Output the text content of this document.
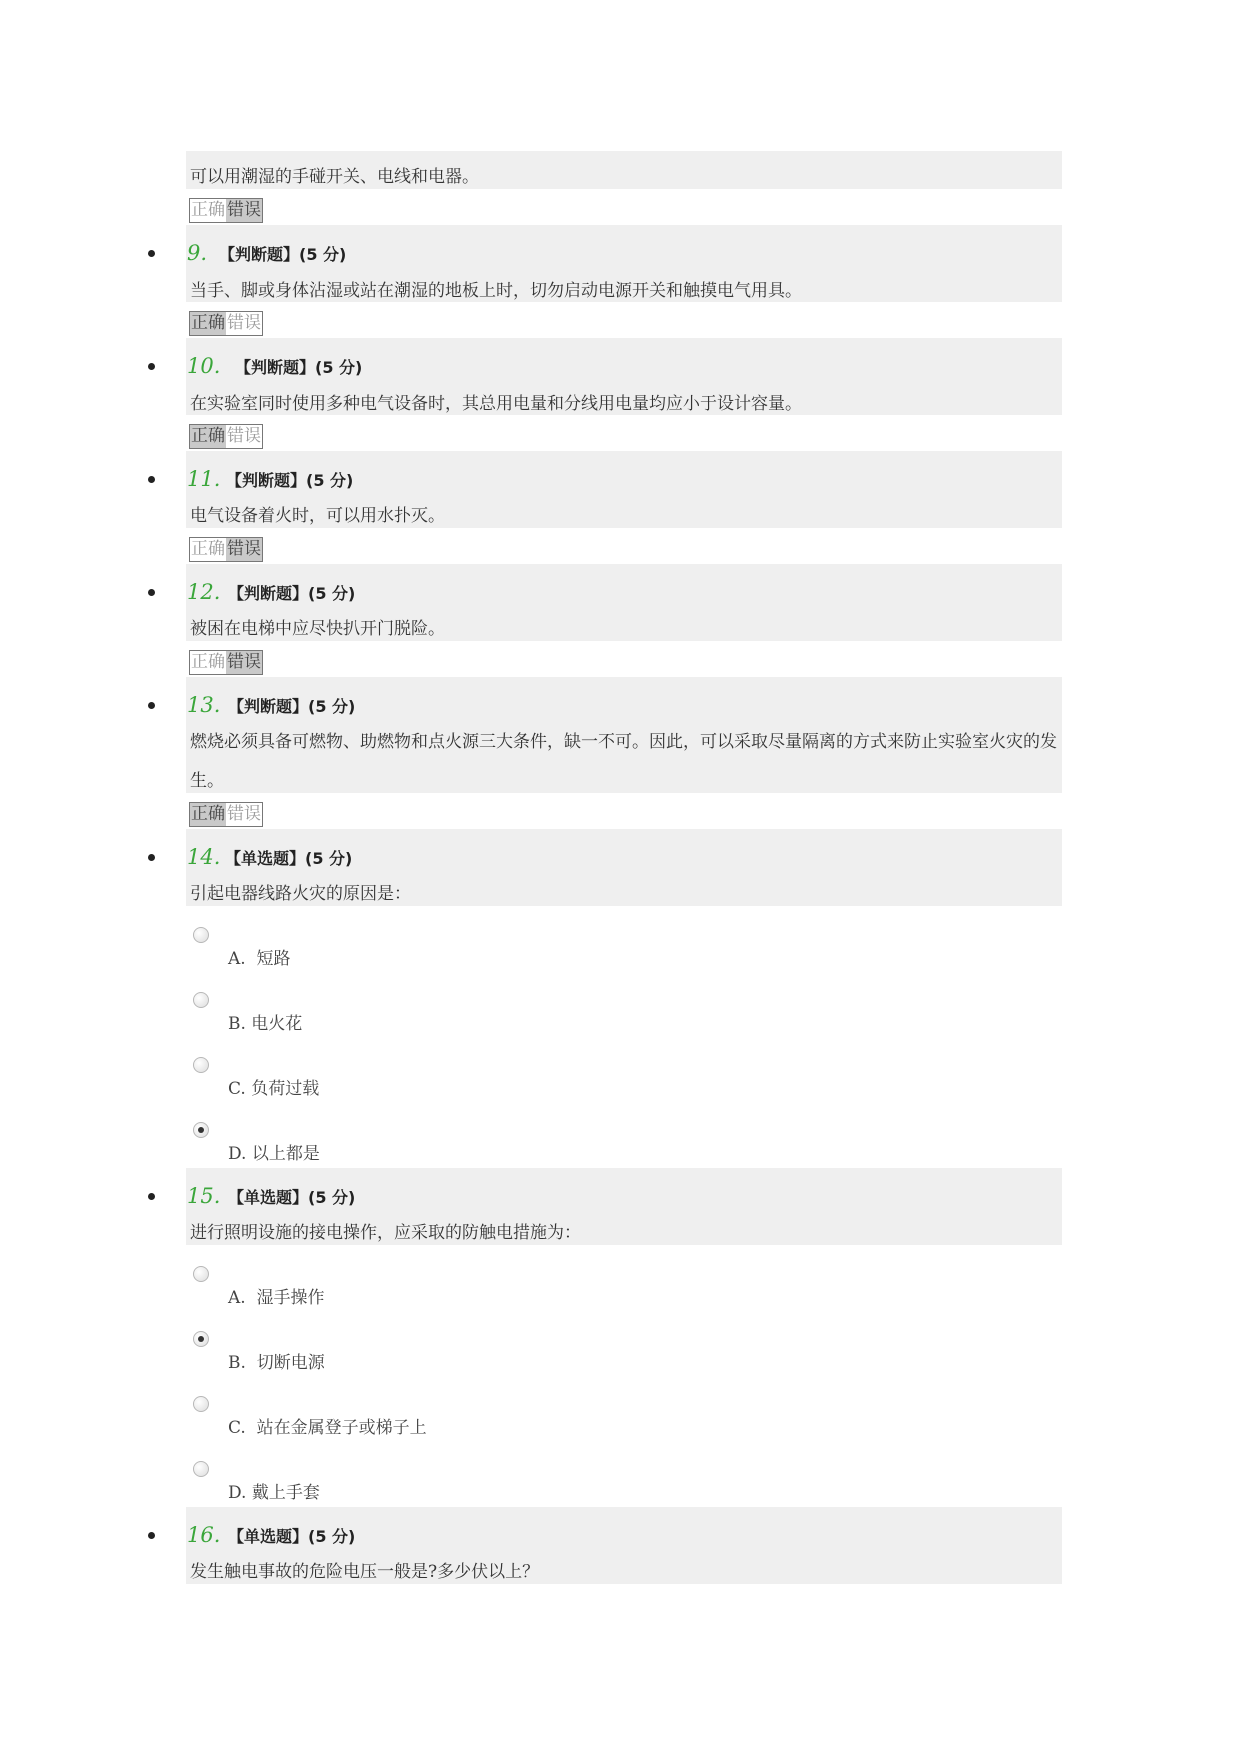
可以用潮湿的手碰开关、电线和电器。
正确 错误
9. 【判断题】(5 分)
当手、脚或身体沾湿或站在潮湿的地板上时，切勿启动电源开关和触摸电气用具。
正确 错误
10. 【判断题】(5 分)
在实验室同时使用多种电气设备时，其总用电量和分线用电量均应小于设计容量。
正确 错误
11. 【判断题】(5 分)
电气设备着火时，可以用水扑灭。
正确 错误
12. 【判断题】(5 分)
被困在电梯中应尽快扒开门脱险。
正确 错误
13. 【判断题】(5 分)
燃烧必须具备可燃物、助燃物和点火源三大条件，缺一不可。因此，可以采取尽量隔离的方式来防止实验室火灾的发生。
正确 错误
14. 【单选题】(5 分)
引起电器线路火灾的原因是：
A.  短路
B. 电火花
C. 负荷过载
D. 以上都是
15. 【单选题】(5 分)
进行照明设施的接电操作，应采取的防触电措施为：
A.  湿手操作
B.  切断电源
C.  站在金属登子或梯子上
D. 戴上手套
16. 【单选题】(5 分)
发生触电事故的危险电压一般是?多少伏以上？
